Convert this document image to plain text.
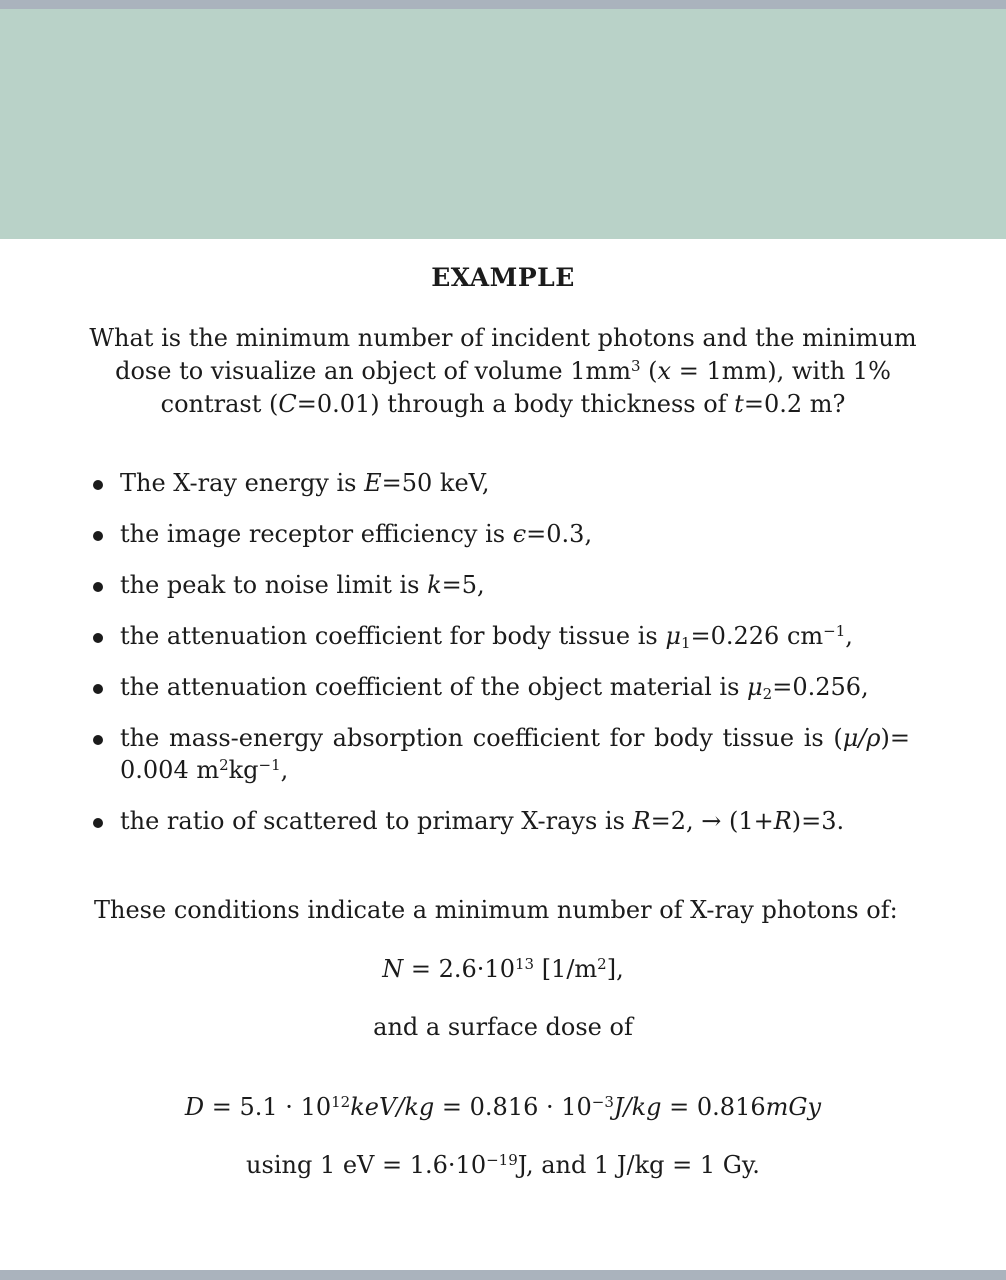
EXAMPLE
What is the minimum number of incident photons and the minimum dose to visualize an object of volume $1mm^3$ (x = 1mm), with 1% contrast (C=0.01) through a body thickness of t=0.2 m?
The X-ray energy is E=50 keV,
the image receptor efficiency is ϵ=0.3,
the peak to noise limit is k=5,
the attenuation coefficient for body tissue is $\mu_1=0.226$ $cm^{-1}$,
the attenuation coefficient of the object material is $\mu_2=0.256$,
the mass-energy absorption coefficient for body tissue is (μ/ρ)= 0.004 $m^2kg^{-1}$,
the ratio of scattered to primary X-rays is R=2, → (1+R)=3.
These conditions indicate a minimum number of X-ray photons of:
$N = 2.6\cdot 10^{13}$ $[1/m^2]$,
and a surface dose of
$D = 5.1 \cdot 10^{12}keV/kg = 0.816 \cdot 10^{-3}J/kg = 0.816mGy$
using 1 eV = $1.6\cdot 10^{-19}J$, and 1 J/kg = 1 Gy.
